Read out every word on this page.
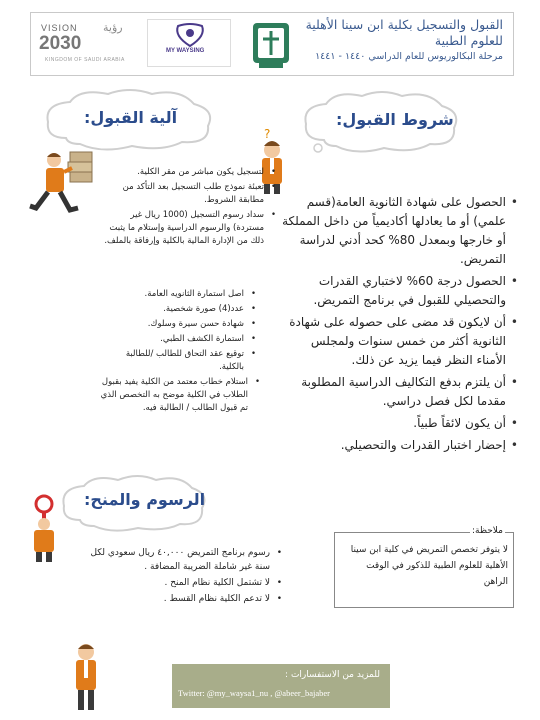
VISION رؤية
2030
KINGDOM OF SAUDI ARABIA
MY WAYSING
القبول والتسجيل بكلية ابن سينا الأهلية
للعلوم الطبية
مرحلة البكالوريوس للعام الدراسي ١٤٤٠ - ١٤٤١
شروط القبول:
آلية القبول:
?
• الحصول على شهادة الثانوية العامة(قسم علمي) أو ما يعادلها أكاديمياً من داخل المملكة أو خارجها وبمعدل 80% كحد أدني لدراسة التمريض.
• الحصول درجة 60% لاختباري القدرات والتحصيلي للقبول في برنامج التمريض.
• أن لايكون قد مضى على حصوله على شهادة الثانوية أكثر من خمس سنوات ولمجلس الأمناء النظر فيما يزيد عن ذلك.
• أن يلتزم بدفع التكاليف الدراسية المطلوبة مقدما لكل فصل دراسي.
• أن يكون لائقاً طبياً.
• إحضار اختبار القدرات والتحصيلي.
• لتسجيل يكون مباشر من مقر الكلية.
• تعبئة نموذج طلب التسجيل بعد التأكد من مطابقة الشروط.
• سداد رسوم التسجيل (1000 ريال غير مستردة) والرسوم الدراسية وإستلام ما يثبت ذلك من الإدارة المالية بالكلية وإرفاقة بالملف.
• اصل استمارة الثانويه العامة.
• عدد(4) صورة شخصية.
• شهادة حسن سيرة وسلوك.
• استمارة الكشف الطبي.
• توقيع عقد التحاق للطالب /للطالبة بالكلية.
• استلام خطاب معتمد من الكلية يفيد بقبول الطلاب في الكلية موضح به التخصص الذي تم قبول الطالب / الطالبة فيه.
الرسوم والمنح:
• رسوم برنامج التمريض ٤٠,٠٠٠ ريال سعودي لكل سنة غير شاملة الضريبة المضافة .
• لا تشتمل الكلية نظام المنح .
• لا تدعم الكلية نظام القسط .
ملاحظة:
لا يتوفر تخصص التمريض في كلية ابن سينا الأهلية للعلوم الطبية للذكور في الوقت الراهن
للمزيد من الاستفسارات :
Twitter: @my_waysa1_nu , @abeer_bajaber
